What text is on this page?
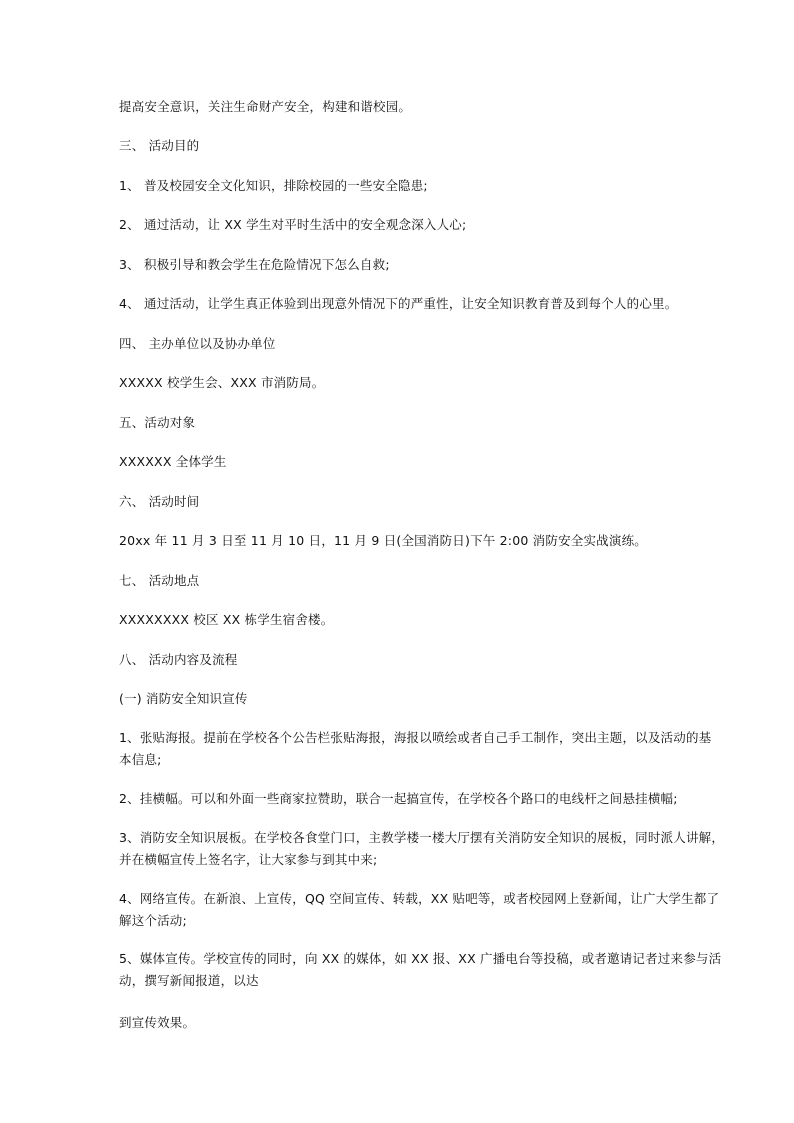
提高安全意识，关注生命财产安全，构建和谐校园。
三、 活动目的
1、 普及校园安全文化知识，排除校园的一些安全隐患;
2、 通过活动，让 XX 学生对平时生活中的安全观念深入人心;
3、 积极引导和教会学生在危险情况下怎么自救;
4、 通过活动，让学生真正体验到出现意外情况下的严重性，让安全知识教育普及到每个人的心里。
四、 主办单位以及协办单位
XXXXX 校学生会、XXX 市消防局。
五、活动对象
XXXXXX 全体学生
六、 活动时间
20xx 年 11 月 3 日至 11 月 10 日，11 月 9 日(全国消防日)下午 2:00 消防安全实战演练。
七、 活动地点
XXXXXXXX 校区 XX 栋学生宿舍楼。
八、 活动内容及流程
(一) 消防安全知识宣传
1、张贴海报。提前在学校各个公告栏张贴海报，海报以喷绘或者自己手工制作，突出主题，以及活动的基
本信息;
2、挂横幅。可以和外面一些商家拉赞助，联合一起搞宣传，在学校各个路口的电线杆之间悬挂横幅;
3、消防安全知识展板。在学校各食堂门口，主教学楼一楼大厅摆有关消防安全知识的展板，同时派人讲解，
并在横幅宣传上签名字，让大家参与到其中来;
4、网络宣传。在新浪、上宣传，QQ 空间宣传、转载，XX 贴吧等，或者校园网上登新闻，让广大学生都了
解这个活动;
5、媒体宣传。学校宣传的同时，向 XX 的媒体，如 XX 报、XX 广播电台等投稿，或者邀请记者过来参与活
动，撰写新闻报道，以达
到宣传效果。
